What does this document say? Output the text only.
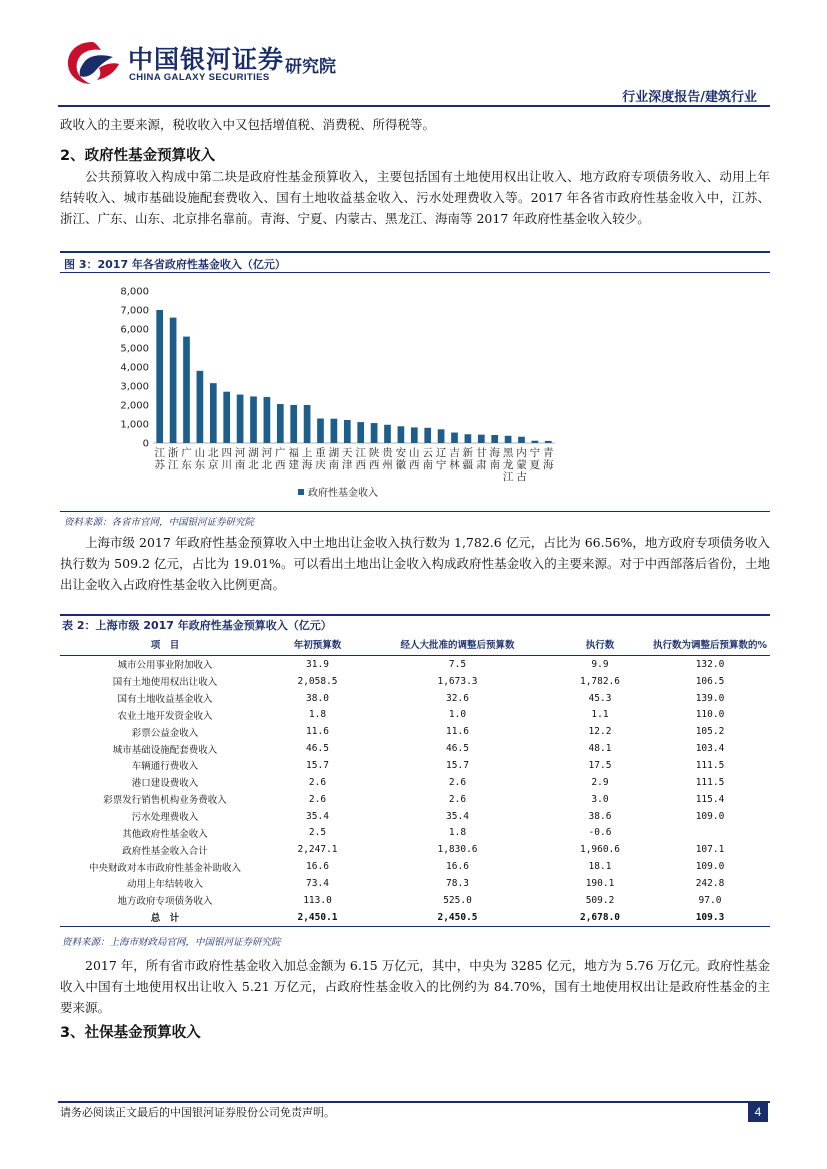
中国银河证券
CHINA GALAXY SECURITIES
研究院
行业深度报告/建筑行业

政收入的主要来源，税收收入中又包括增值税、消费税、所得税等。

2、政府性基金预算收入

公共预算收入构成中第二块是政府性基金预算收入，主要包括国有土地使用权出让收入、地方政府专项债务收入、动用上年结转收入、城市基础设施配套费收入、国有土地收益基金收入、污水处理费收入等。2017 年各省市政府性基金收入中，江苏、浙江、广东、山东、北京排名靠前。青海、宁夏、内蒙古、黑龙江、海南等 2017 年政府性基金收入较少。

图 3：2017 年各省政府性基金收入（亿元）
0
1,000
2,000
3,000
4,000
5,000
6,000
7,000
8,000
江
苏
浙
江
广
东
山
东
北
京
四
川
河
南
湖
北
河
北
广
西
福
建
上
海
重
庆
湖
南
天
津
江
西
陕
西
贵
州
安
徽
山
西
云
南
辽
宁
吉
林
新
疆
甘
肃
海
南
黑
龙
江
内
蒙
古
宁
夏
青
海
政府性基金收入
资料来源：各省市官网，中国银河证券研究院

上海市级 2017 年政府性基金预算收入中土地出让金收入执行数为 1,782.6 亿元，占比为 66.56%，地方政府专项债务收入执行数为 509.2 亿元，占比为 19.01%。可以看出土地出让金收入构成政府性基金收入的主要来源。对于中西部落后省份，土地出让金收入占政府性基金收入比例更高。

表 2：上海市级 2017 年政府性基金预算收入（亿元）
项　目	年初预算数	经人大批准的调整后预算数	执行数	执行数为调整后预算数的%
城市公用事业附加收入	31.9	7.5	9.9	132.0
国有土地使用权出让收入	2,058.5	1,673.3	1,782.6	106.5
国有土地收益基金收入	38.0	32.6	45.3	139.0
农业土地开发资金收入	1.8	1.0	1.1	110.0
彩票公益金收入	11.6	11.6	12.2	105.2
城市基础设施配套费收入	46.5	46.5	48.1	103.4
车辆通行费收入	15.7	15.7	17.5	111.5
港口建设费收入	2.6	2.6	2.9	111.5
彩票发行销售机构业务费收入	2.6	2.6	3.0	115.4
污水处理费收入	35.4	35.4	38.6	109.0
其他政府性基金收入	2.5	1.8	-0.6	
政府性基金收入合计	2,247.1	1,830.6	1,960.6	107.1
中央财政对本市政府性基金补助收入	16.6	16.6	18.1	109.0
动用上年结转收入	73.4	78.3	190.1	242.8
地方政府专项债务收入	113.0	525.0	509.2	97.0
总　计	2,450.1	2,450.5	2,678.0	109.3
资料来源：上海市财政局官网，中国银河证券研究院

2017 年，所有省市政府性基金收入加总金额为 6.15 万亿元，其中，中央为 3285 亿元，地方为 5.76 万亿元。政府性基金收入中国有土地使用权出让收入 5.21 万亿元，占政府性基金收入的比例约为 84.70%，国有土地使用权出让是政府性基金的主要来源。

3、社保基金预算收入
请务必阅读正文最后的中国银河证券股份公司免责声明。	4
